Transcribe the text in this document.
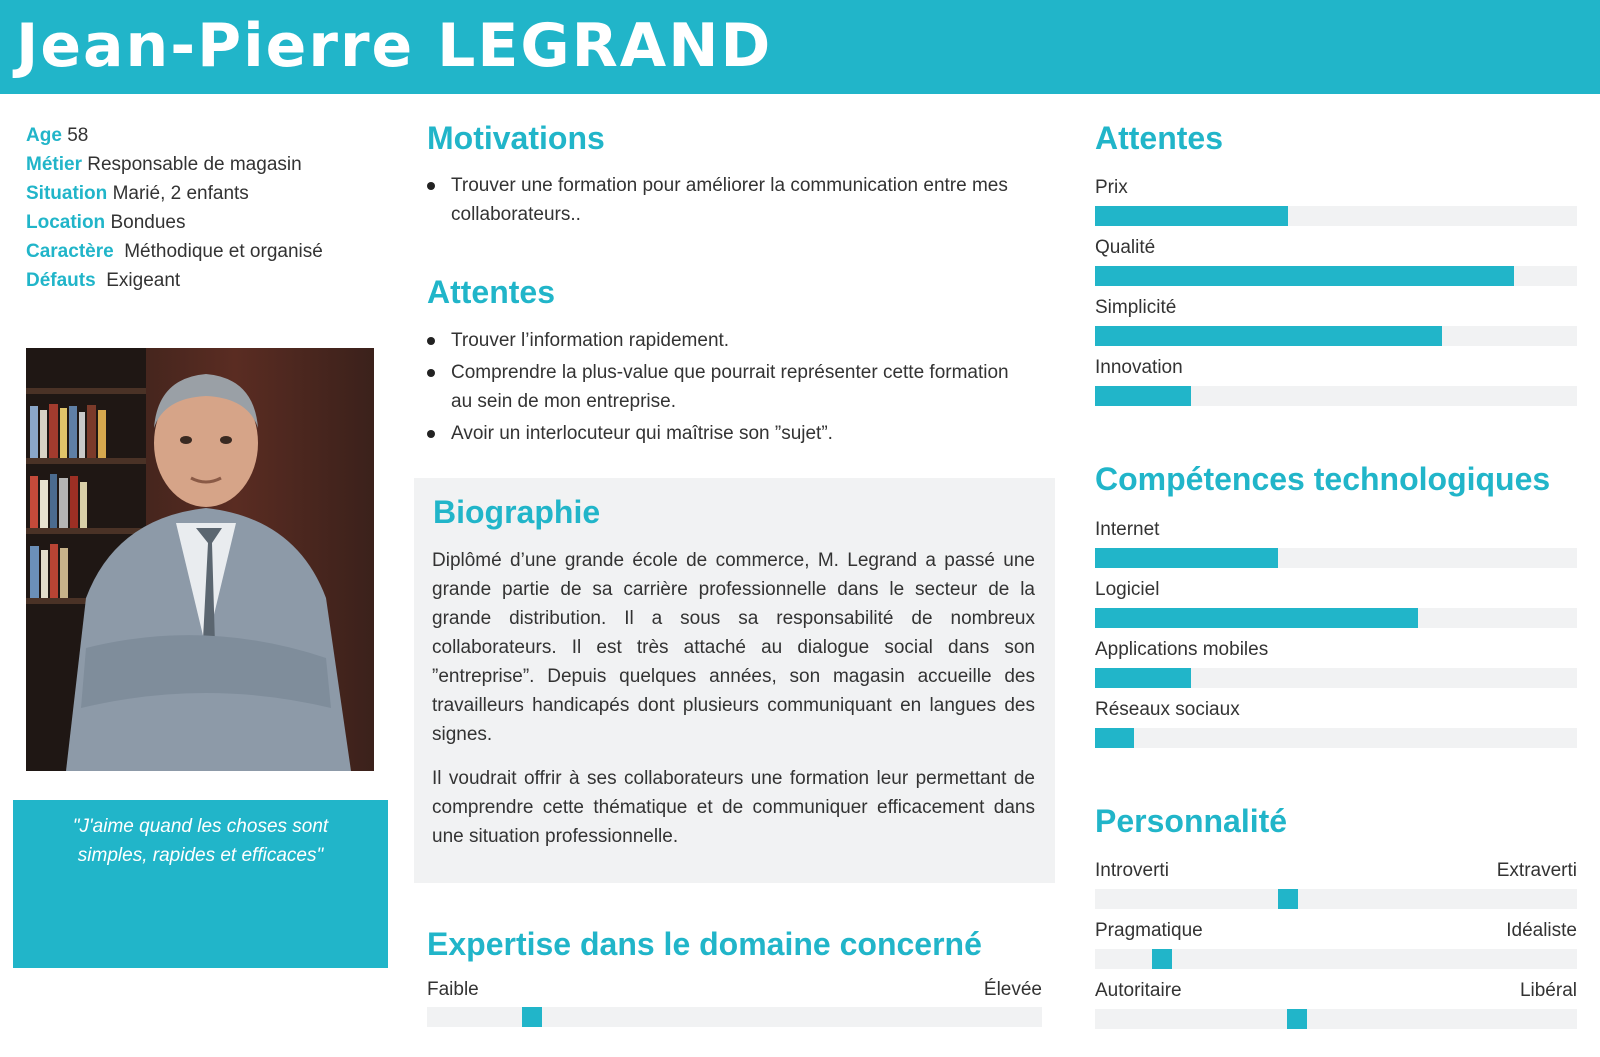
Jean-Pierre LEGRAND
Age 58
Métier Responsable de magasin
Situation Marié, 2 enfants
Location Bondues
Caractère Méthodique et organisé
Défauts Exigeant
"J'aime quand les choses sont simples, rapides et efficaces"
Motivations
Trouver une formation pour améliorer la communication entre mes collaborateurs..
Attentes
Trouver l’information rapidement.
Comprendre la plus-value que pourrait représenter cette formation au sein de mon entreprise.
Avoir un interlocuteur qui maîtrise son ”sujet”.
Biographie

Diplômé d’une grande école de commerce, M. Legrand a passé une grande partie de sa carrière professionnelle dans le secteur de la grande distribution. Il a sous sa responsabilité de nombreux collaborateurs. Il est très attaché au dialogue social dans son ”entreprise”. Depuis quelques années, son magasin accueille des travailleurs handicapés dont plusieurs communiquant en langues des signes.

Il voudrait offrir à ses collaborateurs une formation leur permettant de comprendre cette thématique et de communiquer efficacement dans une situation professionnelle.

Expertise dans le domaine concerné
Faible	Élevée
Attentes
Prix
Qualité
Simplicité
Innovation
Compétences technologiques
Internet
Logiciel
Applications mobiles
Réseaux sociaux
Personnalité
Introverti	Extraverti
Pragmatique	Idéaliste
Autoritaire	Libéral
